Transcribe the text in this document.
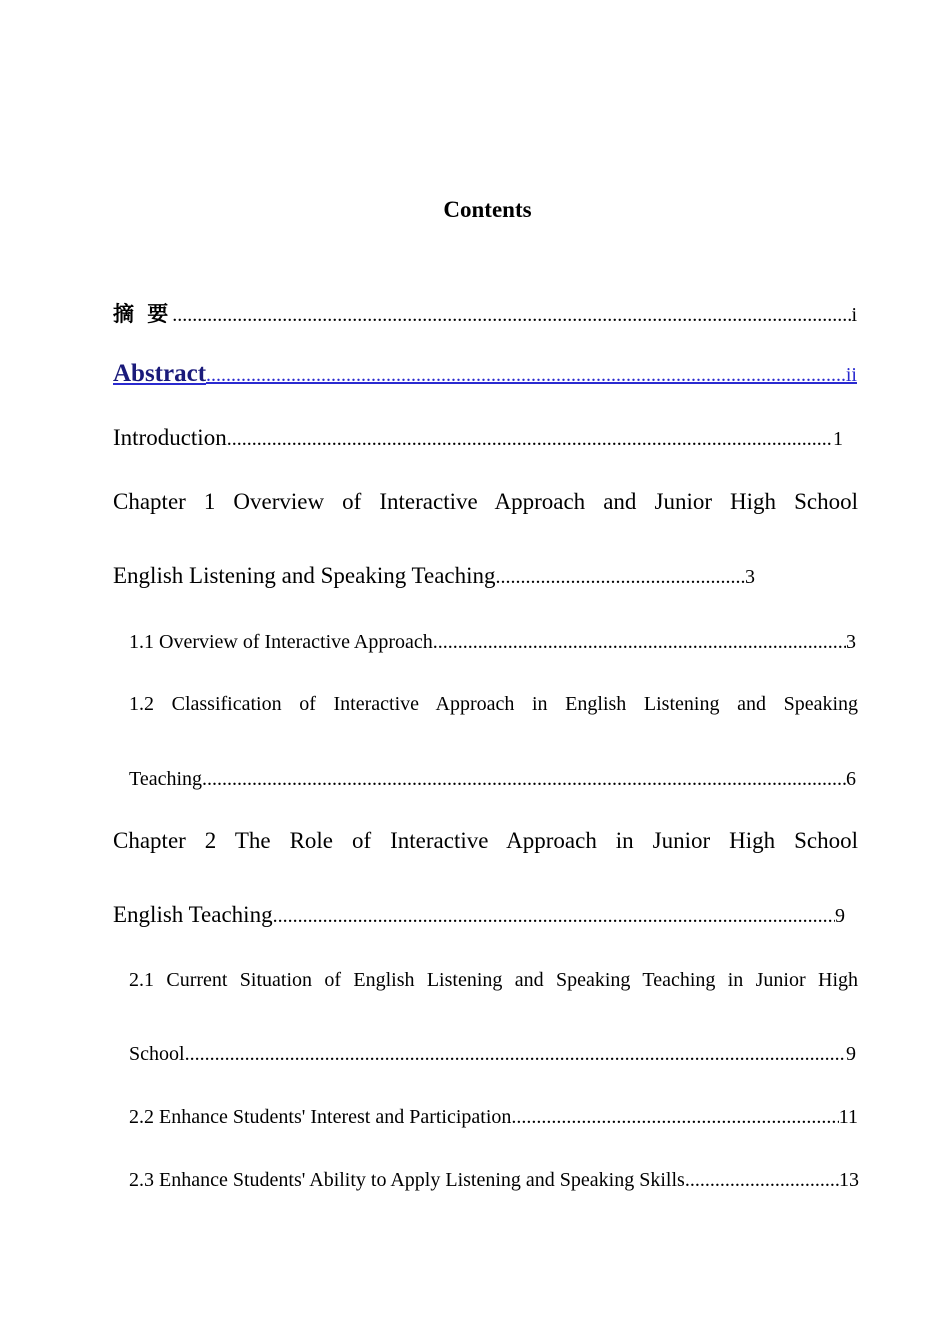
Contents
摘 要 .....	i
Abstract .....	ii
Introduction .....	1
Chapter 1 Overview of Interactive Approach and Junior High School
English Listening and Speaking Teaching .....	3
1.1 Overview of Interactive Approach .....	3
1.2 Classification of Interactive Approach in English Listening and Speaking
Teaching .....	6
Chapter 2 The Role of Interactive Approach in Junior High School
English Teaching .....	9
2.1 Current Situation of English Listening and Speaking Teaching in Junior High
School .....	9
2.2 Enhance Students' Interest and Participation .....	11
2.3 Enhance Students' Ability to Apply Listening and Speaking Skills .....	13
